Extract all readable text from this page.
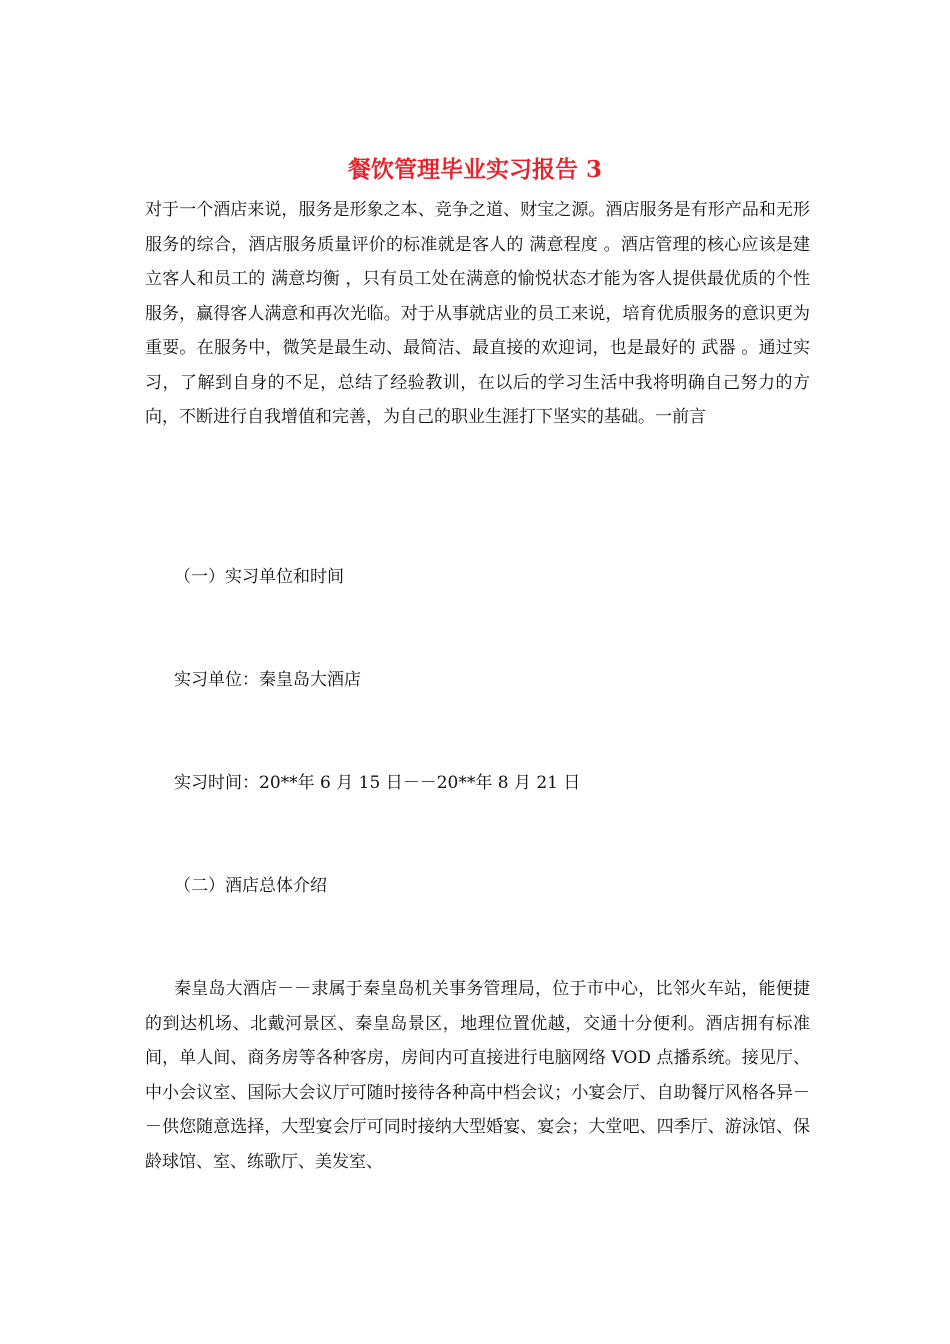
餐饮管理毕业实习报告 3

对于一个酒店来说，服务是形象之本、竞争之道、财宝之源。酒店服务是有形产品和无形服务的综合，酒店服务质量评价的标准就是客人的 满意程度 。酒店管理的核心应该是建立客人和员工的 满意均衡 ，只有员工处在满意的愉悦状态才能为客人提供最优质的个性服务，赢得客人满意和再次光临。对于从事就店业的员工来说，培育优质服务的意识更为重要。在服务中，微笑是最生动、最简洁、最直接的欢迎词，也是最好的 武器 。通过实习，了解到自身的不足，总结了经验教训，在以后的学习生活中我将明确自己努力的方向，不断进行自我增值和完善，为自己的职业生涯打下坚实的基础。一前言

（一）实习单位和时间

实习单位：秦皇岛大酒店

实习时间：20**年 6 月 15 日－－20**年 8 月 21 日

（二）酒店总体介绍

秦皇岛大酒店－－隶属于秦皇岛机关事务管理局，位于市中心，比邻火车站，能便捷的到达机场、北戴河景区、秦皇岛景区，地理位置优越，交通十分便利。酒店拥有标准间，单人间、商务房等各种客房，房间内可直接进行电脑网络 VOD 点播系统。接见厅、中小会议室、国际大会议厅可随时接待各种高中档会议；小宴会厅、自助餐厅风格各异－－供您随意选择，大型宴会厅可同时接纳大型婚宴、宴会；大堂吧、四季厅、游泳馆、保龄球馆、室、练歌厅、美发室、
